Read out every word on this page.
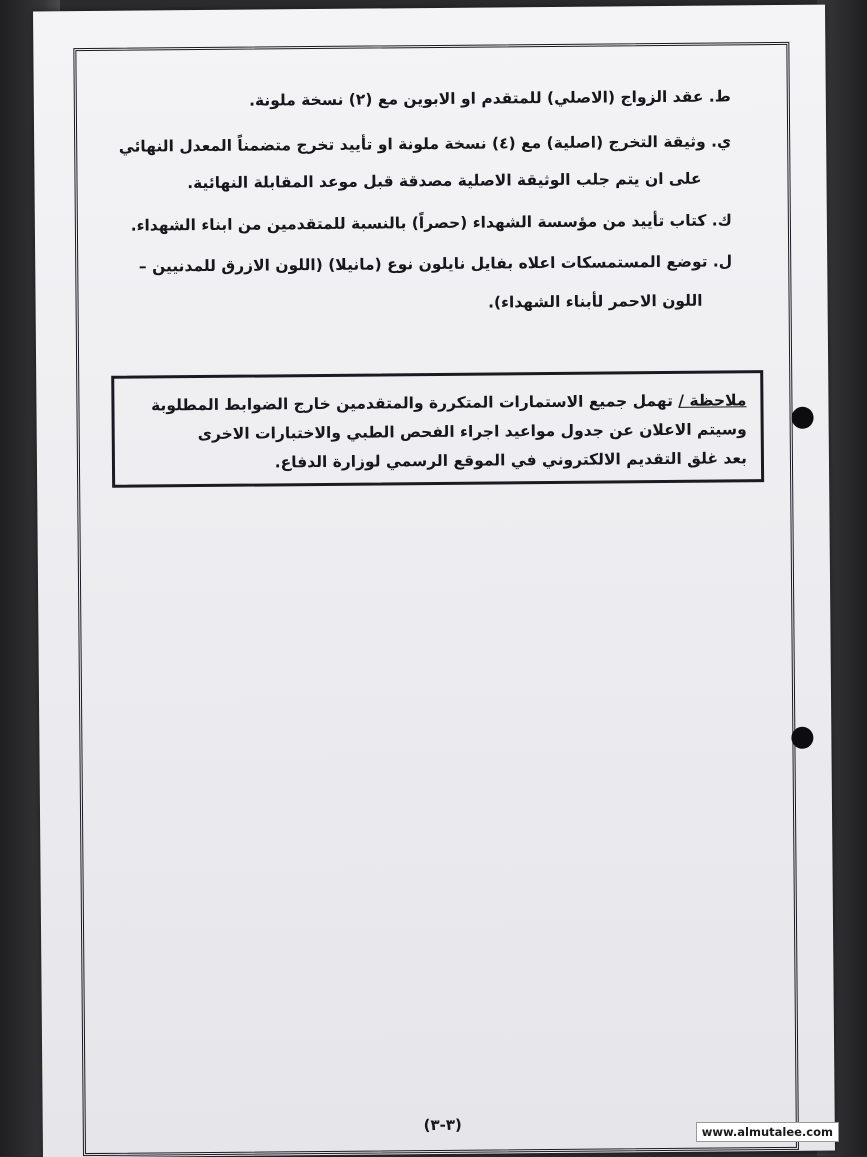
ط. عقد الزواج (الاصلي) للمتقدم او الابوين مع (٢) نسخة ملونة.
ي. وثيقة التخرج (اصلية) مع (٤) نسخة ملونة او تأييد تخرج متضمناً المعدل النهائي
على ان يتم جلب الوثيقة الاصلية مصدقة قبل موعد المقابلة النهائية.
ك. كتاب تأييد من مؤسسة الشهداء (حصراً) بالنسبة للمتقدمين من ابناء الشهداء.
ل. توضع المستمسكات اعلاه بفايل نايلون نوع (مانيلا) (اللون الازرق للمدنيين –
اللون الاحمر لأبناء الشهداء).
ملاحظة / تهمل جميع الاستمارات المتكررة والمتقدمين خارج الضوابط المطلوبة
وسيتم الاعلان عن جدول مواعيد اجراء الفحص الطبي والاختبارات الاخرى
بعد غلق التقديم الالكتروني في الموقع الرسمي لوزارة الدفاع.
(٣-٣)	www.almutalee.com
